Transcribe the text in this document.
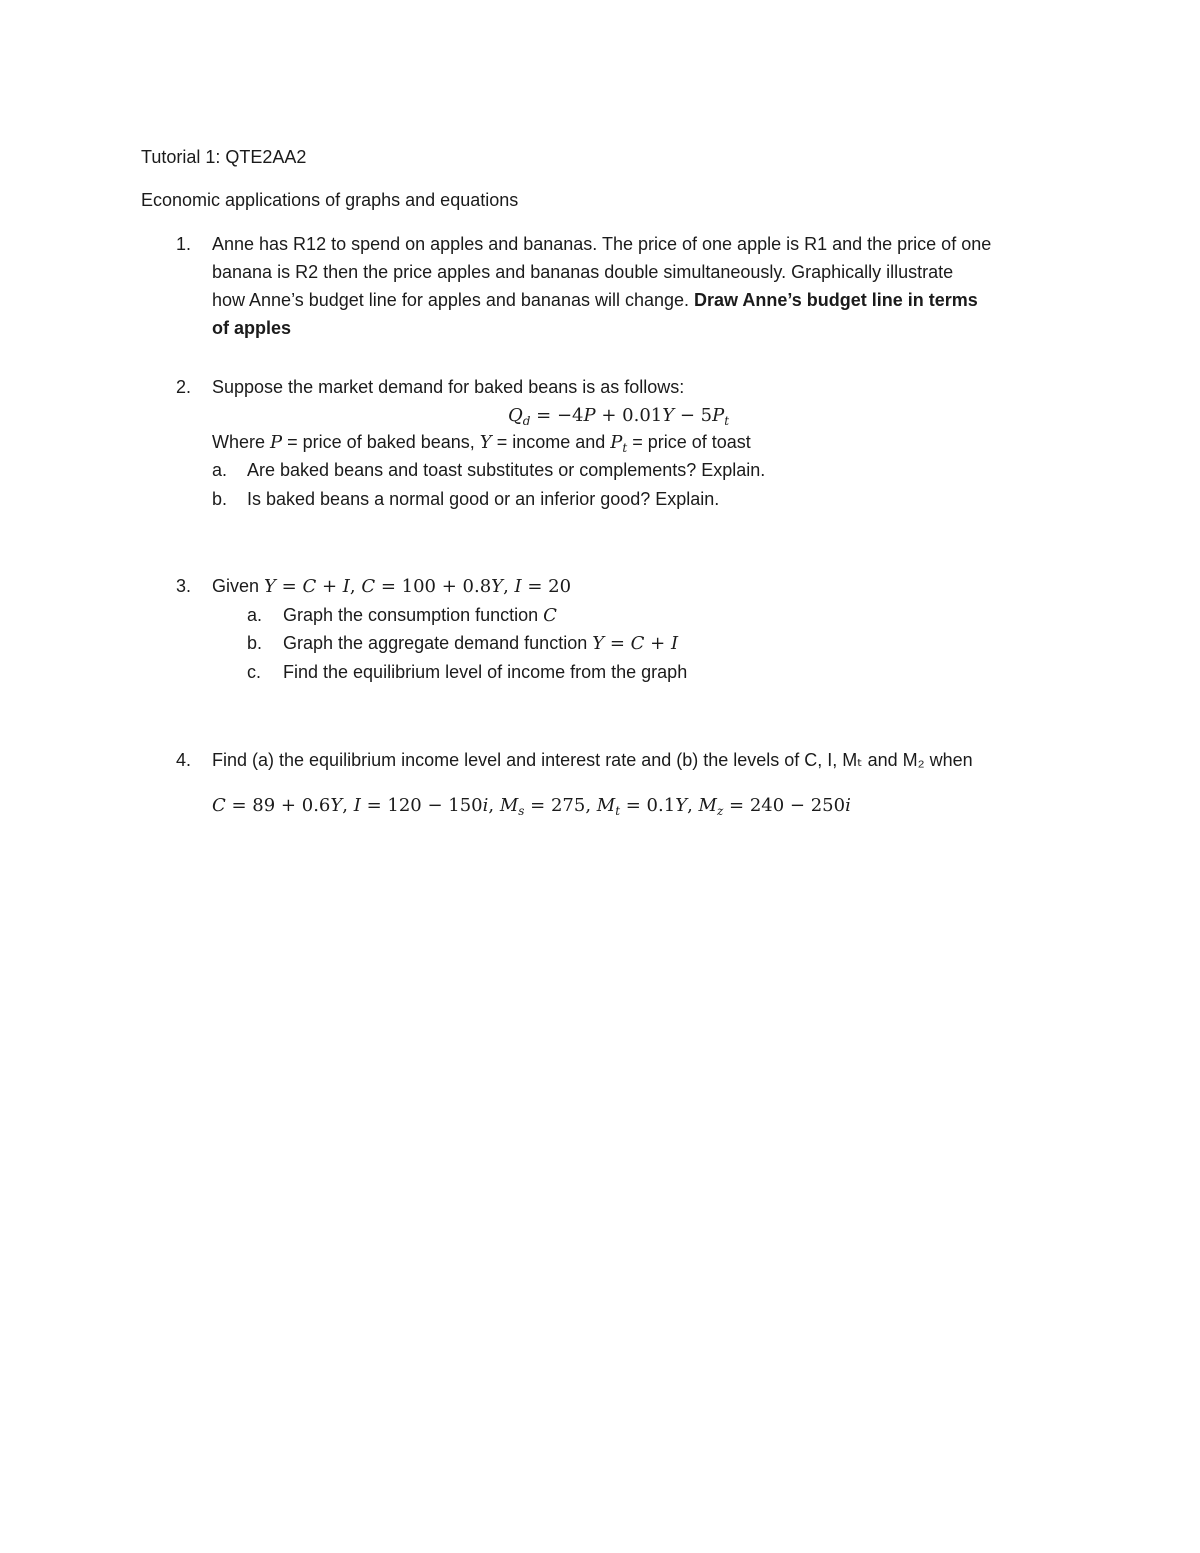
Tutorial 1: QTE2AA2
Economic applications of graphs and equations
1. Anne has R12 to spend on apples and bananas. The price of one apple is R1 and the price of one
banana is R2 then the price apples and bananas double simultaneously. Graphically illustrate
how Anne’s budget line for apples and bananas will change. Draw Anne’s budget line in terms
of apples
2. Suppose the market demand for baked beans is as follows:
$Q_d = -4P + 0.01Y - 5P_t$
Where P = price of baked beans, Y = income and $P_t$ = price of toast
a. Are baked beans and toast substitutes or complements? Explain.
b. Is baked beans a normal good or an inferior good? Explain.
3. Given Y = C + I, C = 100 + 0.8Y, I = 20
a. Graph the consumption function C
b. Graph the aggregate demand function Y = C + I
c. Find the equilibrium level of income from the graph
4. Find (a) the equilibrium income level and interest rate and (b) the levels of C, I, Mₜ and M₂ when
C = 89 + 0.6Y, I = 120 − 150i, $M_s = 275$, $M_t = 0.1Y$, $M_z = 240 - 250i$
